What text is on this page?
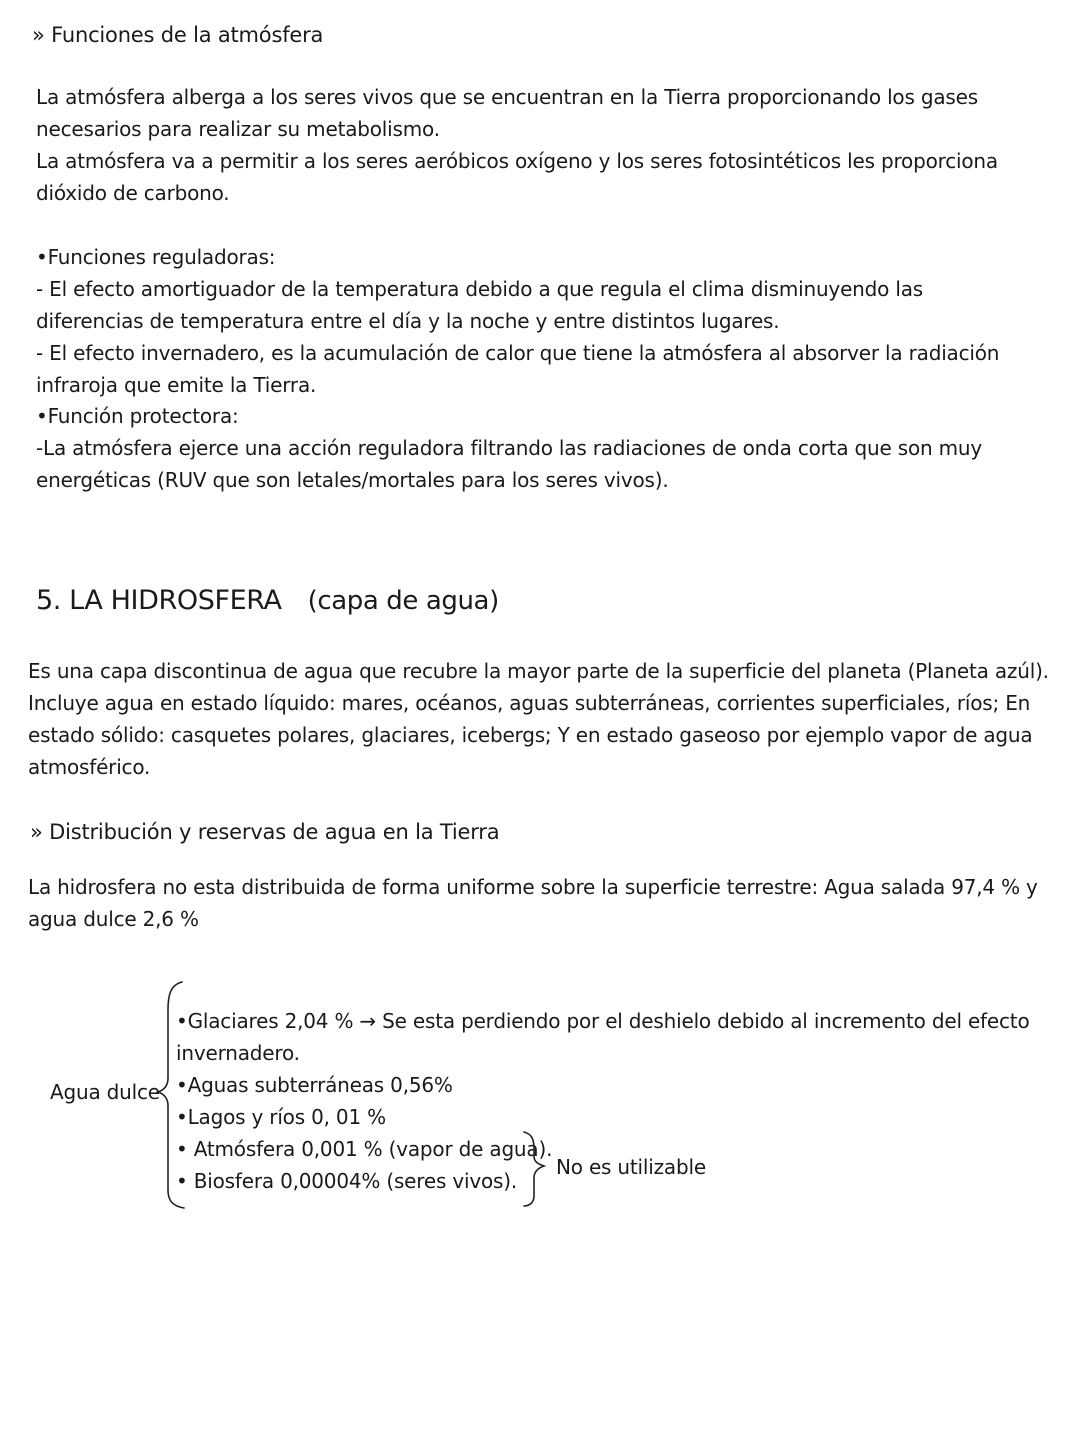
» Funciones de la atmósfera
La atmósfera alberga a los seres vivos que se encuentran en la Tierra proporcionando los gases
necesarios para realizar su metabolismo.
La atmósfera va a permitir a los seres aeróbicos oxígeno y los seres fotosintéticos les proporciona
dióxido de carbono.
•Funciones reguladoras:
- El efecto amortiguador de la temperatura debido a que regula el clima disminuyendo las
diferencias de temperatura entre el día y la noche y entre distintos lugares.
- El efecto invernadero, es la acumulación de calor que tiene la atmósfera al absorver la radiación
infraroja que emite la Tierra.
•Función protectora:
-La atmósfera ejerce una acción reguladora filtrando las radiaciones de onda corta que son muy
energéticas (RUV que son letales/mortales para los seres vivos).
5. LA HIDROSFERA (capa de agua)
Es una capa discontinua de agua que recubre la mayor parte de la superficie del planeta (Planeta azúl).
Incluye agua en estado líquido: mares, océanos, aguas subterráneas, corrientes superficiales, ríos; En
estado sólido: casquetes polares, glaciares, icebergs; Y en estado gaseoso por ejemplo vapor de agua
atmosférico.
» Distribución y reservas de agua en la Tierra
La hidrosfera no esta distribuida de forma uniforme sobre la superficie terrestre: Agua salada 97,4 % y
agua dulce 2,6 %
Agua dulce
•Glaciares 2,04 % → Se esta perdiendo por el deshielo debido al incremento del efecto
invernadero.
•Aguas subterráneas 0,56%
•Lagos y ríos 0, 01 %
• Atmósfera 0,001 % (vapor de agua).
• Biosfera 0,00004% (seres vivos).
No es utilizable
